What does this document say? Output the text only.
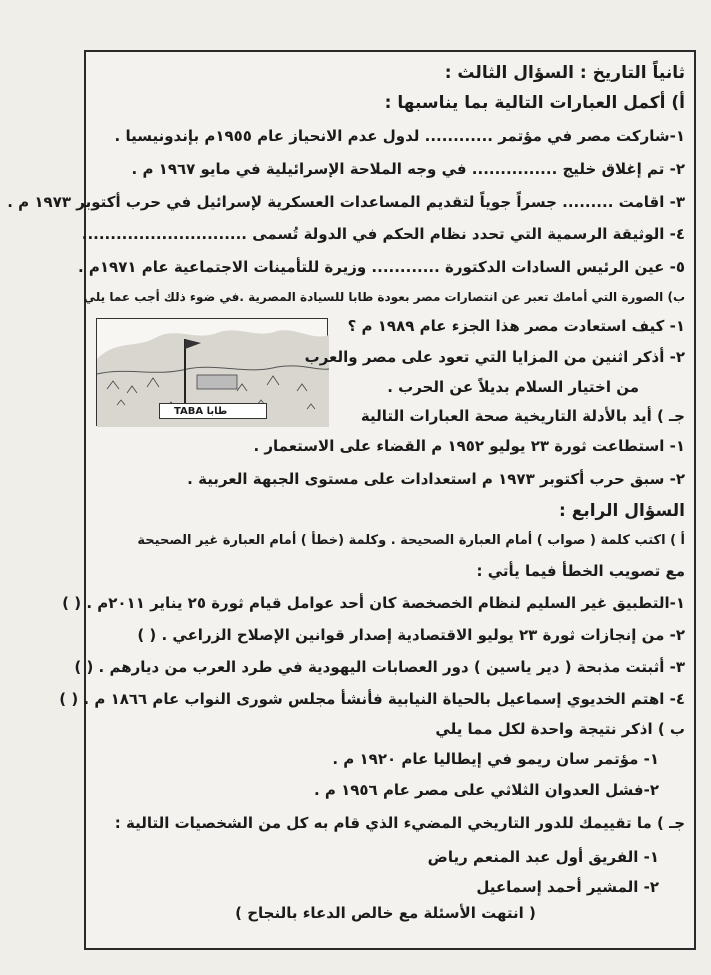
ثانياً التاريخ : السؤال الثالث :
أ) أكمل العبارات التالية بما يناسبها :
١-شاركت مصر في مؤتمر ............ لدول عدم الانحياز عام ١٩٥٥م بإندونيسيا .
٢- تم إغلاق خليج ............... في وجه الملاحة الإسرائيلية في مايو ١٩٦٧ م .
٣- اقامت ......... جسراً جوياً لتقديم المساعدات العسكرية لإسرائيل في حرب أكتوبر ١٩٧٣ م .
٤- الوثيقة الرسمية التي تحدد نظام الحكم في الدولة تُسمى .............................
٥- عين الرئيس السادات الدكتورة ............ وزيرة للتأمينات الاجتماعية عام ١٩٧١م .
ب) الصورة التي أمامك تعبر عن انتصارات مصر بعودة طابا للسيادة المصرية .في ضوء ذلك أجب عما يلي
TABA طابا
١- كيف استعادت مصر هذا الجزء عام ١٩٨٩ م ؟
٢- أذكر اثنين من المزايا التي تعود على مصر والعرب
من اختيار السلام بديلاً عن الحرب .
جـ ) أيد بالأدلة التاريخية صحة العبارات التالية
١- استطاعت ثورة ٢٣ يوليو ١٩٥٢ م القضاء على الاستعمار .
٢- سبق حرب أكتوبر ١٩٧٣ م استعدادات على مستوى الجبهة العربية .
السؤال الرابع :
أ ) اكتب كلمة ( صواب ) أمام العبارة الصحيحة . وكلمة (خطأ ) أمام العبارة غير الصحيحة
مع تصويب الخطأ فيما يأتي :
١-التطبيق غير السليم لنظام الخصخصة كان أحد عوامل قيام ثورة ٢٥ يناير ٢٠١١م . ( )
٢- من إنجازات ثورة ٢٣ يوليو الاقتصادية إصدار قوانين الإصلاح الزراعي . ( )
٣- أثبتت مذبحة ( دير ياسين ) دور العصابات اليهودية في طرد العرب من ديارهم . ( )
٤- اهتم الخديوي إسماعيل بالحياة النيابية فأنشأ مجلس شورى النواب عام ١٨٦٦ م . ( )
ب ) اذكر نتيجة واحدة لكل مما يلي
١- مؤتمر سان ريمو في إيطاليا عام ١٩٢٠ م .
٢-فشل العدوان الثلاثي على مصر عام ١٩٥٦ م .
جـ ) ما تقييمك للدور التاريخي المضيء الذي قام به كل من الشخصيات التالية :
١- الفريق أول عبد المنعم رياض
٢- المشير أحمد إسماعيل
( انتهت الأسئلة مع خالص الدعاء بالنجاح )
